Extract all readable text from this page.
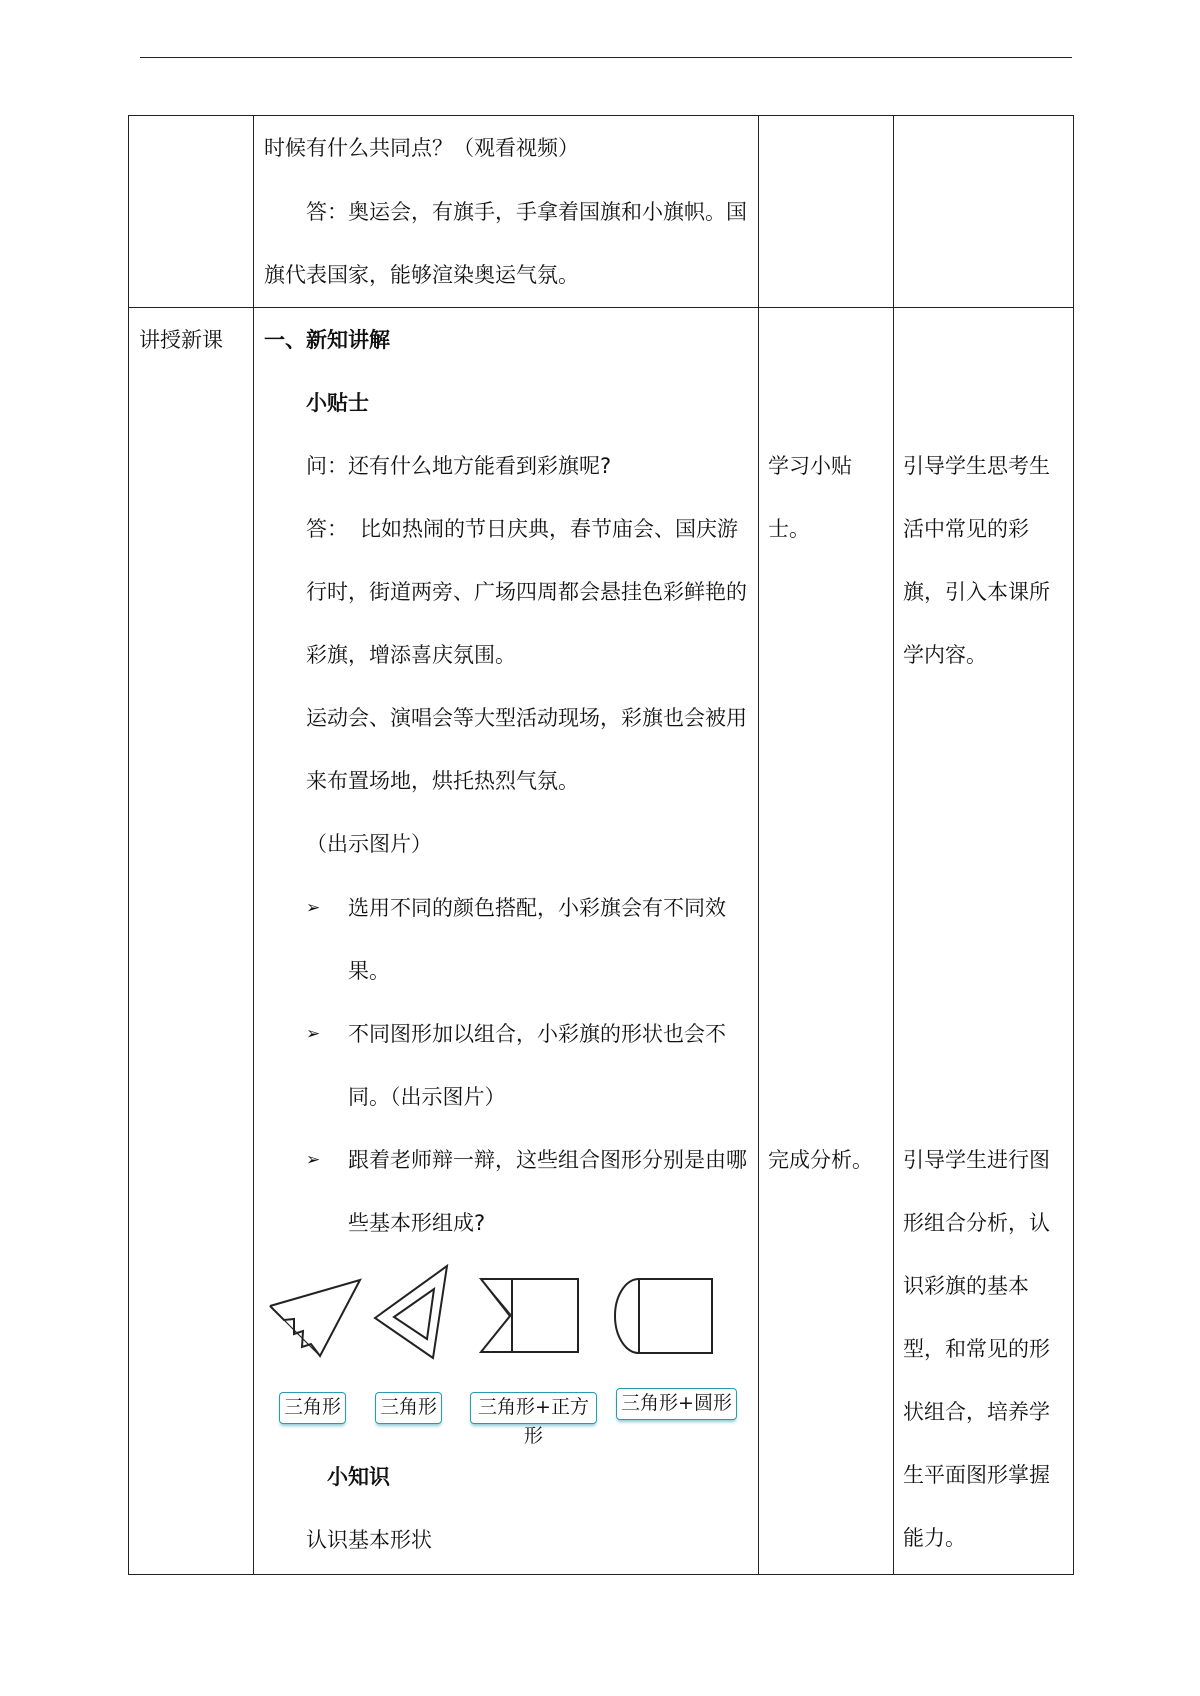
时候有什么共同点？（观看视频）
答：奥运会，有旗手，手拿着国旗和小旗帜。国
旗代表国家，能够渲染奥运气氛。
讲授新课 一、新知讲解
小贴士
问：还有什么地方能看到彩旗呢?
答： 比如热闹的节日庆典，春节庙会、国庆游
行时，街道两旁、广场四周都会悬挂色彩鲜艳的
彩旗，增添喜庆氛围。
运动会、演唱会等大型活动现场，彩旗也会被用
来布置场地，烘托热烈气氛。
（出示图片）
➢ 选用不同的颜色搭配，小彩旗会有不同效
果。
➢ 不同图形加以组合，小彩旗的形状也会不
同。（出示图片）
➢ 跟着老师辩一辩，这些组合图形分别是由哪
些基本形组成?
三角形 三角形	三角形+正方形
三角形+圆形
小知识
认识基本形状
学习小贴
士。
完成分析。
引导学生思考生
活中常见的彩
旗，引入本课所
学内容。
引导学生进行图
形组合分析，认
识彩旗的基本
型，和常见的形
状组合，培养学
生平面图形掌握
能力。
